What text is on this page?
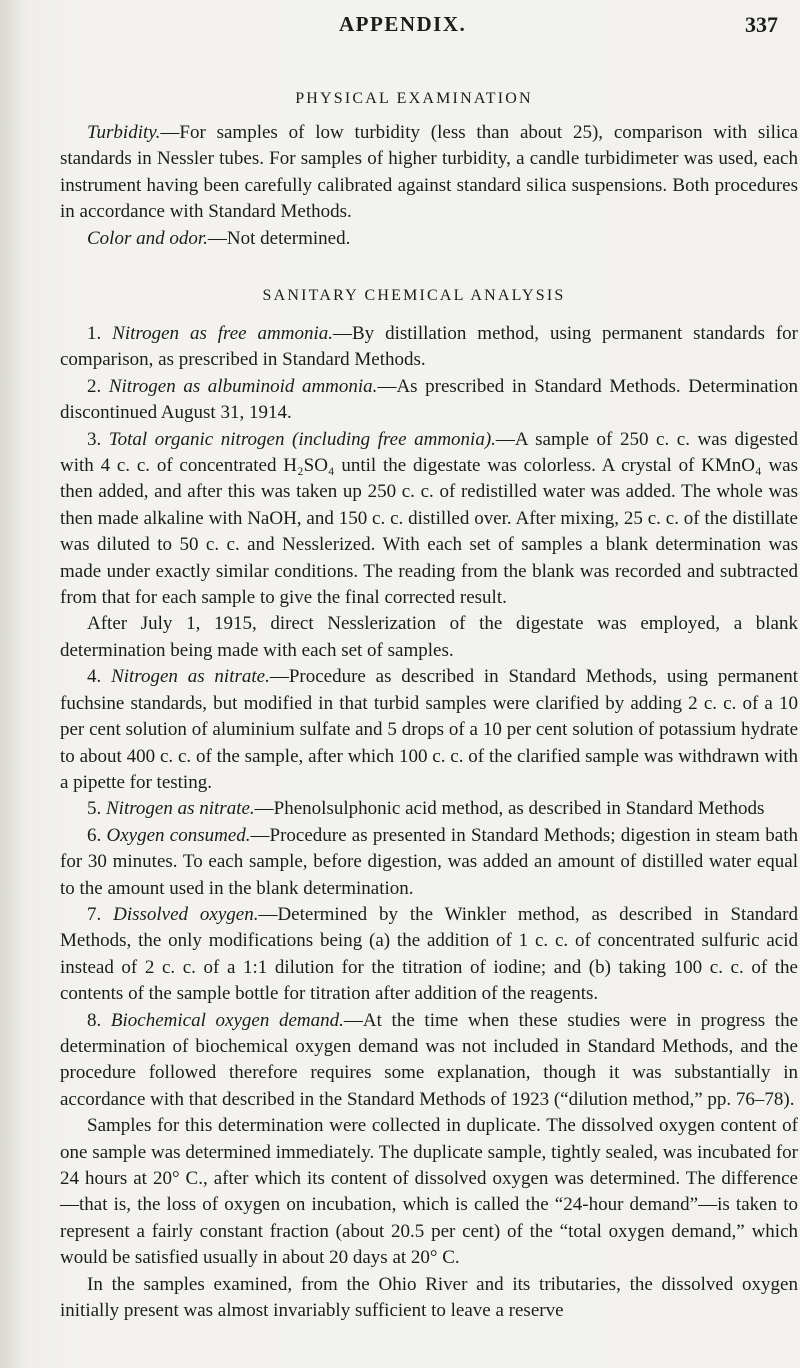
APPENDIX.	337
PHYSICAL EXAMINATION

Turbidity.—For samples of low turbidity (less than about 25), comparison with silica standards in Nessler tubes. For samples of higher turbidity, a candle turbidimeter was used, each instrument having been carefully calibrated against standard silica suspensions. Both procedures in accordance with Standard Methods.

Color and odor.—Not determined.

SANITARY CHEMICAL ANALYSIS

1. Nitrogen as free ammonia.—By distillation method, using permanent standards for comparison, as prescribed in Standard Methods.

2. Nitrogen as albuminoid ammonia.—As prescribed in Standard Methods. Determination discontinued August 31, 1914.

3. Total organic nitrogen (including free ammonia).—A sample of 250 c. c. was digested with 4 c. c. of concentrated H₂SO₄ until the digestate was colorless. A crystal of KMnO₄ was then added, and after this was taken up 250 c. c. of redistilled water was added. The whole was then made alkaline with NaOH, and 150 c. c. distilled over. After mixing, 25 c. c. of the distillate was diluted to 50 c. c. and Nesslerized. With each set of samples a blank determination was made under exactly similar conditions. The reading from the blank was recorded and subtracted from that for each sample to give the final corrected result.

After July 1, 1915, direct Nesslerization of the digestate was employed, a blank determination being made with each set of samples.

4. Nitrogen as nitrate.—Procedure as described in Standard Methods, using permanent fuchsine standards, but modified in that turbid samples were clarified by adding 2 c. c. of a 10 per cent solution of aluminium sulfate and 5 drops of a 10 per cent solution of potassium hydrate to about 400 c. c. of the sample, after which 100 c. c. of the clarified sample was withdrawn with a pipette for testing.

5. Nitrogen as nitrate.—Phenolsulphonic acid method, as described in Standard Methods

6. Oxygen consumed.—Procedure as presented in Standard Methods; digestion in steam bath for 30 minutes. To each sample, before digestion, was added an amount of distilled water equal to the amount used in the blank determination.

7. Dissolved oxygen.—Determined by the Winkler method, as described in Standard Methods, the only modifications being (a) the addition of 1 c. c. of concentrated sulfuric acid instead of 2 c. c. of a 1:1 dilution for the titration of iodine; and (b) taking 100 c. c. of the contents of the sample bottle for titration after addition of the reagents.

8. Biochemical oxygen demand.—At the time when these studies were in progress the determination of biochemical oxygen demand was not included in Standard Methods, and the procedure followed therefore requires some explanation, though it was substantially in accordance with that described in the Standard Methods of 1923 (“dilution method,” pp. 76–78).

Samples for this determination were collected in duplicate. The dissolved oxygen content of one sample was determined immediately. The duplicate sample, tightly sealed, was incubated for 24 hours at 20° C., after which its content of dissolved oxygen was determined. The difference—that is, the loss of oxygen on incubation, which is called the “24-hour demand”—is taken to represent a fairly constant fraction (about 20.5 per cent) of the “total oxygen demand,” which would be satisfied usually in about 20 days at 20° C.

In the samples examined, from the Ohio River and its tributaries, the dissolved oxygen initially present was almost invariably sufficient to leave a reserve
